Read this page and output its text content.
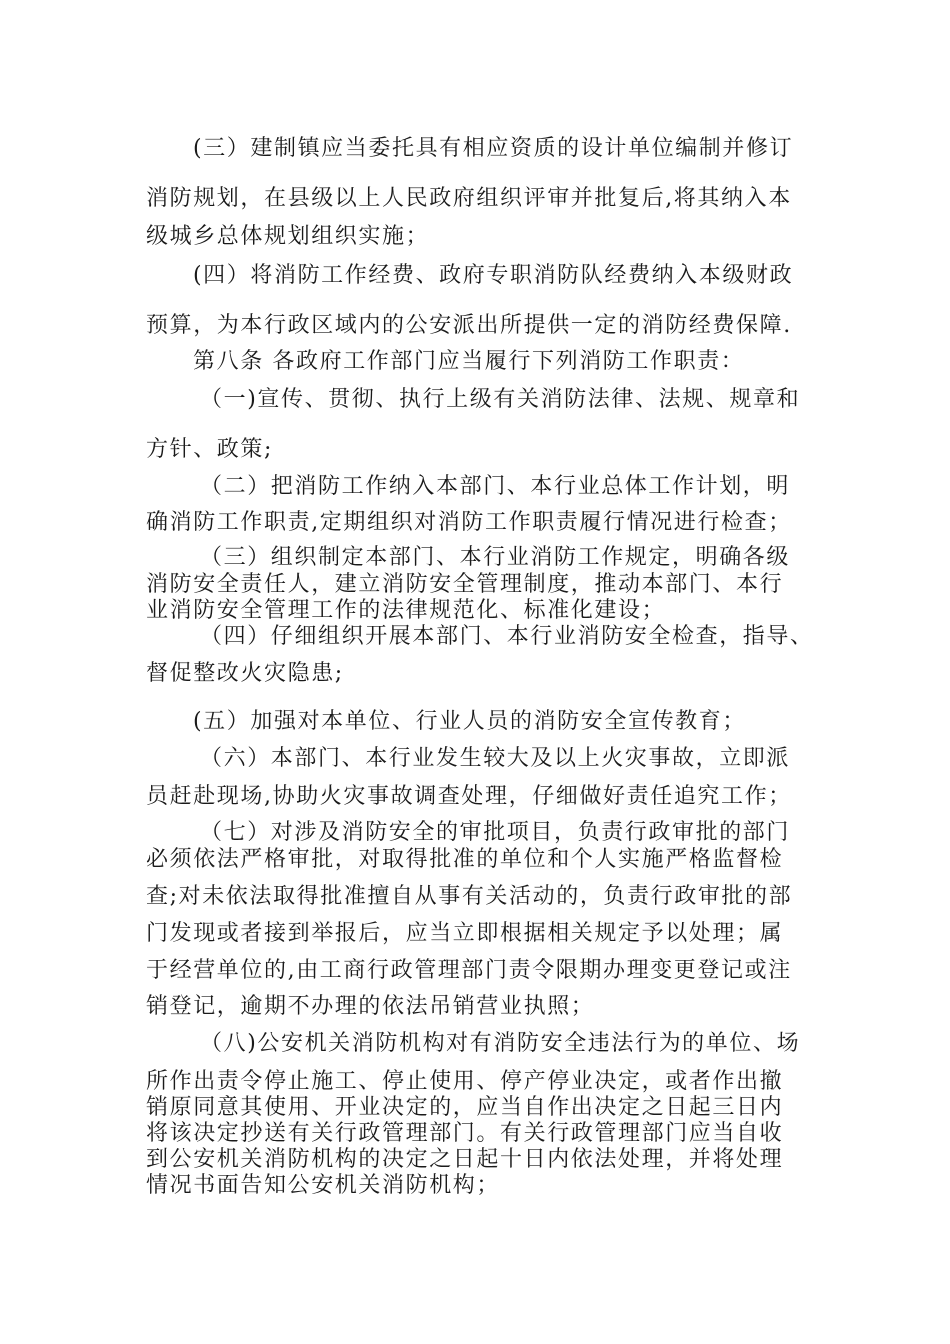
(三）建制镇应当委托具有相应资质的设计单位编制并修订
消防规划，在县级以上人民政府组织评审并批复后,将其纳入本
级城乡总体规划组织实施；
(四）将消防工作经费、政府专职消防队经费纳入本级财政
预算，为本行政区域内的公安派出所提供一定的消防经费保障.
第八条 各政府工作部门应当履行下列消防工作职责：
（一)宣传、贯彻、执行上级有关消防法律、法规、规章和
方针、政策;
（二）把消防工作纳入本部门、本行业总体工作计划，明
确消防工作职责,定期组织对消防工作职责履行情况进行检查；
（三）组织制定本部门、本行业消防工作规定，明确各级
消防安全责任人，建立消防安全管理制度，推动本部门、本行
业消防安全管理工作的法律规范化、标准化建设；
（四）仔细组织开展本部门、本行业消防安全检查，指导、
督促整改火灾隐患;
(五）加强对本单位、行业人员的消防安全宣传教育；
（六）本部门、本行业发生较大及以上火灾事故，立即派
员赶赴现场,协助火灾事故调查处理，仔细做好责任追究工作；
（七）对涉及消防安全的审批项目，负责行政审批的部门
必须依法严格审批，对取得批准的单位和个人实施严格监督检
查;对未依法取得批准擅自从事有关活动的，负责行政审批的部
门发现或者接到举报后，应当立即根据相关规定予以处理；属
于经营单位的,由工商行政管理部门责令限期办理变更登记或注
销登记，逾期不办理的依法吊销营业执照；
（八)公安机关消防机构对有消防安全违法行为的单位、场
所作出责令停止施工、停止使用、停产停业决定，或者作出撤
销原同意其使用、开业决定的，应当自作出决定之日起三日内
将该决定抄送有关行政管理部门。有关行政管理部门应当自收
到公安机关消防机构的决定之日起十日内依法处理，并将处理
情况书面告知公安机关消防机构；
